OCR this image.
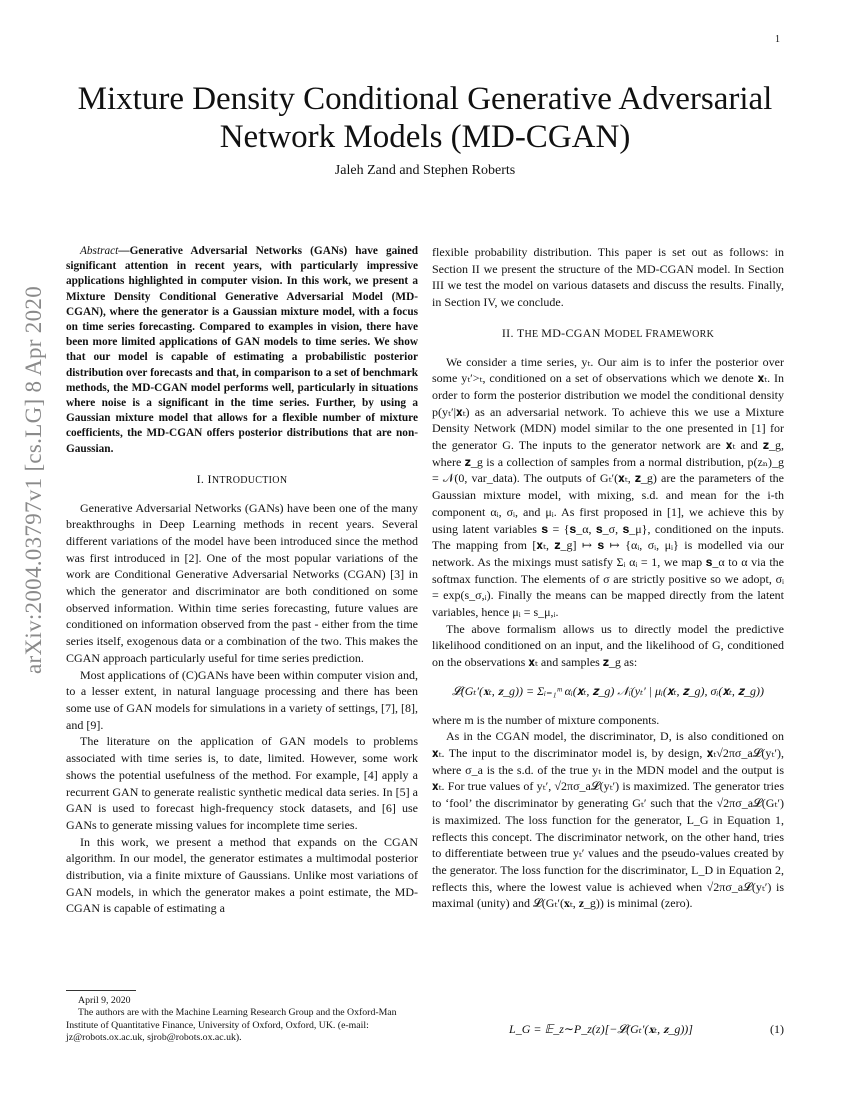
1
arXiv:2004.03797v1 [cs.LG] 8 Apr 2020
Mixture Density Conditional Generative Adversarial Network Models (MD-CGAN)
Jaleh Zand and Stephen Roberts

Abstract—Generative Adversarial Networks (GANs) have gained significant attention in recent years, with particularly impressive applications highlighted in computer vision. In this work, we present a Mixture Density Conditional Generative Adversarial Model (MD-CGAN), where the generator is a Gaussian mixture model, with a focus on time series forecasting. Compared to examples in vision, there have been more limited applications of GAN models to time series. We show that our model is capable of estimating a probabilistic posterior distribution over forecasts and that, in comparison to a set of benchmark methods, the MD-CGAN model performs well, particularly in situations where noise is a significant in the time series. Further, by using a Gaussian mixture model that allows for a flexible number of mixture coefficients, the MD-CGAN offers posterior distributions that are non-Gaussian.

I. INTRODUCTION

Generative Adversarial Networks (GANs) have been one of the many breakthroughs in Deep Learning methods in recent years. Several different variations of the model have been introduced since the method was first introduced in [2]. One of the most popular variations of the work are Conditional Generative Adversarial Networks (CGAN) [3] in which the generator and discriminator are both conditioned on some observed information. Within time series forecasting, future values are conditioned on information observed from the past - either from the time series itself, exogenous data or a combination of the two. This makes the CGAN approach particularly useful for time series prediction.

Most applications of (C)GANs have been within computer vision and, to a lesser extent, in natural language processing and there has been some use of GAN models for simulations in a variety of settings, [7], [8], and [9].

The literature on the application of GAN models to problems associated with time series is, to date, limited. However, some work shows the potential usefulness of the method. For example, [4] apply a recurrent GAN to generate realistic synthetic medical data series. In [5] a GAN is used to forecast high-frequency stock datasets, and [6] use GANs to generate missing values for incomplete time series.

In this work, we present a method that expands on the CGAN algorithm. In our model, the generator estimates a multimodal posterior distribution, via a finite mixture of Gaussians. Unlike most variations of GAN models, in which the generator makes a point estimate, the MD-CGAN is capable of estimating a

flexible probability distribution. This paper is set out as follows: in Section II we present the structure of the MD-CGAN model. In Section III we test the model on various datasets and discuss the results. Finally, in Section IV, we conclude.

II. THE MD-CGAN MODEL FRAMEWORK

We consider a time series, yₜ. Our aim is to infer the posterior over some yₜ′>ₜ, conditioned on a set of observations which we denote 𝐱ₜ. In order to form the posterior distribution we model the conditional density p(yₜ′|𝐱ₜ) as an adversarial network. To achieve this we use a Mixture Density Network (MDN) model similar to the one presented in [1] for the generator G. The inputs to the generator network are 𝐱ₜ and 𝐳_g, where 𝐳_g is a collection of samples from a normal distribution, p(zₙ)_g = 𝒩(0, var_data). The outputs of Gₜ′(𝐱ₜ, 𝐳_g) are the parameters of the Gaussian mixture model, with mixing, s.d. and mean for the i-th component αᵢ, σᵢ, and μᵢ. As first proposed in [1], we achieve this by using latent variables 𝐬 = {𝐬_α, 𝐬_σ, 𝐬_μ}, conditioned on the inputs. The mapping from [𝐱ₜ, 𝐳_g] ↦ 𝐬 ↦ {αᵢ, σᵢ, μᵢ} is modelled via our network. As the mixings must satisfy Σᵢ αᵢ = 1, we map 𝐬_α to α via the softmax function. The elements of σ are strictly positive so we adopt, σᵢ = exp(s_σ,ᵢ). Finally the means can be mapped directly from the latent variables, hence μᵢ = s_μ,ᵢ.

The above formalism allows us to directly model the predictive likelihood conditioned on an input, and the likelihood of G, conditioned on the observations 𝐱ₜ and samples 𝐳_g as:

𝓛(Gₜ′(𝐱ₜ, 𝐳_g)) = Σᵢ₌₁ᵐ αᵢ(𝐱ₜ, 𝐳_g) 𝒩ᵢ(yₜ′ | μᵢ(𝐱ₜ, 𝐳_g), σᵢ(𝐱ₜ, 𝐳_g))

where m is the number of mixture components.

As in the CGAN model, the discriminator, D, is also conditioned on 𝐱ₜ. The input to the discriminator model is, by design, 𝐱ₜ√2πσ_a𝓛(yₜ′), where σ_a is the s.d. of the true yₜ in the MDN model and the output is 𝐱ₜ. For true values of yₜ′, √2πσ_a𝓛(yₜ′) is maximized. The generator tries to ‘fool’ the discriminator by generating Gₜ′ such that the √2πσ_a𝓛(Gₜ′) is maximized. The loss function for the generator, L_G in Equation 1, reflects this concept. The discriminator network, on the other hand, tries to differentiate between true yₜ′ values and the pseudo-values created by the generator. The loss function for the discriminator, L_D in Equation 2, reflects this, where the lowest value is achieved when √2πσ_a𝓛(yₜ′) is maximal (unity) and 𝓛(Gₜ′(𝐱ₜ, 𝐳_g)) is minimal (zero).

April 9, 2020

The authors are with the Machine Learning Research Group and the Oxford-Man Institute of Quantitative Finance, University of Oxford, Oxford, UK. (e-mail: jz@robots.ox.ac.uk, sjrob@robots.ox.ac.uk).

L_G = 𝔼_z∼P_z(z)[−𝓛(Gₜ′(𝐱ₜ, 𝐳_g))]	(1)
